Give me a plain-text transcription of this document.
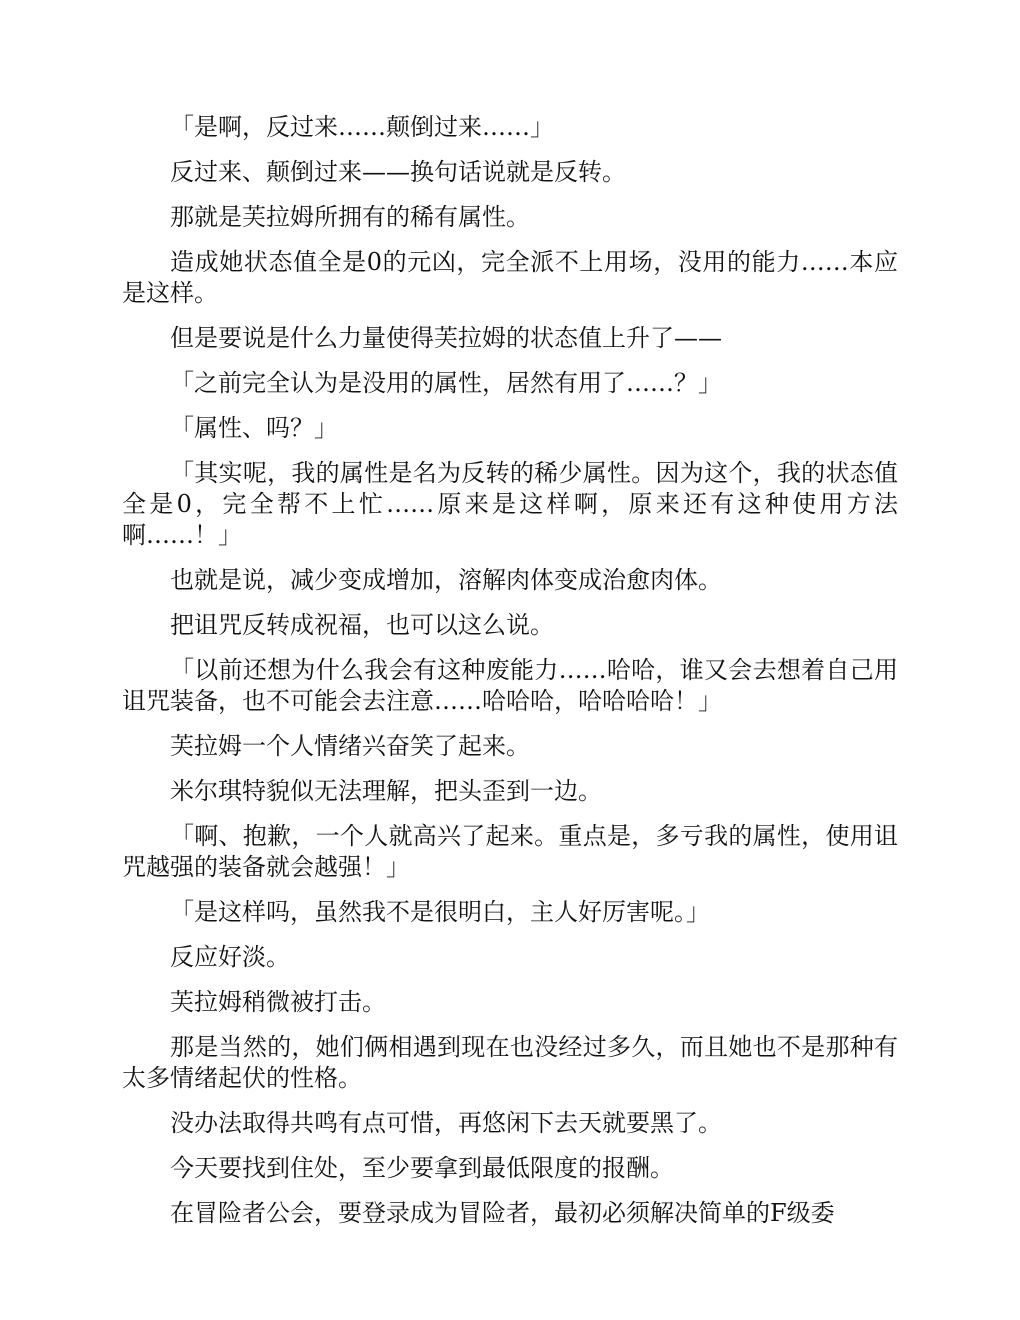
「是啊，反过来……颠倒过来……」

反过来、颠倒过来——换句话说就是反转。

那就是芙拉姆所拥有的稀有属性。

造成她状态值全是0的元凶，完全派不上用场，没用的能力……本应是这样。

但是要说是什么力量使得芙拉姆的状态值上升了——

「之前完全认为是没用的属性，居然有用了……？」

「属性、吗？」

「其实呢，我的属性是名为反转的稀少属性。因为这个，我的状态值全是0，完全帮不上忙……原来是这样啊，原来还有这种使用方法啊……！」

也就是说，减少变成增加，溶解肉体变成治愈肉体。

把诅咒反转成祝福，也可以这么说。

「以前还想为什么我会有这种废能力……哈哈，谁又会去想着自己用诅咒装备，也不可能会去注意……哈哈哈，哈哈哈哈！」

芙拉姆一个人情绪兴奋笑了起来。

米尔琪特貌似无法理解，把头歪到一边。

「啊、抱歉，一个人就高兴了起来。重点是，多亏我的属性，使用诅咒越强的装备就会越强！」

「是这样吗，虽然我不是很明白，主人好厉害呢。」

反应好淡。

芙拉姆稍微被打击。

那是当然的，她们俩相遇到现在也没经过多久，而且她也不是那种有太多情绪起伏的性格。

没办法取得共鸣有点可惜，再悠闲下去天就要黑了。

今天要找到住处，至少要拿到最低限度的报酬。

在冒险者公会，要登录成为冒险者，最初必须解决简单的F级委
